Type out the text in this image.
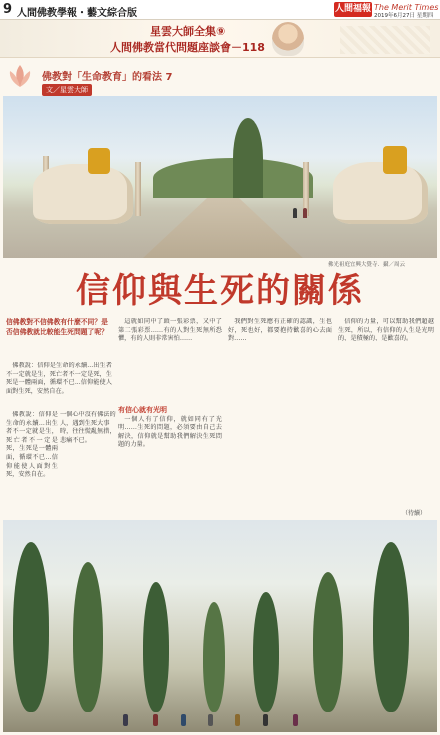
9 人間佛教學報・藝文綜合版	人間福報 The Merit Times
2019年6月27日 星期四
星雲大師全集⑨
人間佛教當代問題座談會－118
佛教對「生命教育」的看法 7
文／星雲大師
佛光祖庭宜興大覺寺．攝／周云
信仰與生死的關係
信佛教對不信佛教有什麼不同？是否信佛教就比較能生死問題了呢？

佛教說：信仰是生命的永續...出生者不一定就是生，死亡者不一定是死，生死是一體兩面，循環不已...信仰能使人面對生死，安然自在。

佛教說：信仰是生命的永續...出生者不一定就是生，死亡者不一定是死，生死是一體兩面，循環不已...信仰能使人面對生死，安然自在。

一個心中沒有佛法的人，遇到生死大事時，往往慌亂無措，悲痛不已。

這就如同中了頭一張彩票，又中了第二張彩票……有的人對生死無所恐懼，有的人則非常害怕……

有信心就有光明

一個人有了信仰，就如同有了光明……生死的問題，必須要由自己去解決，信仰就是幫助我們解決生死問題的力量。

我們對生死應有正確的認識，生也好，死也好，都要抱持歡喜的心去面對……

信仰的力量，可以幫助我們超越生死，所以，有信仰的人生是光明的、是積極的、是歡喜的。

（待續）
